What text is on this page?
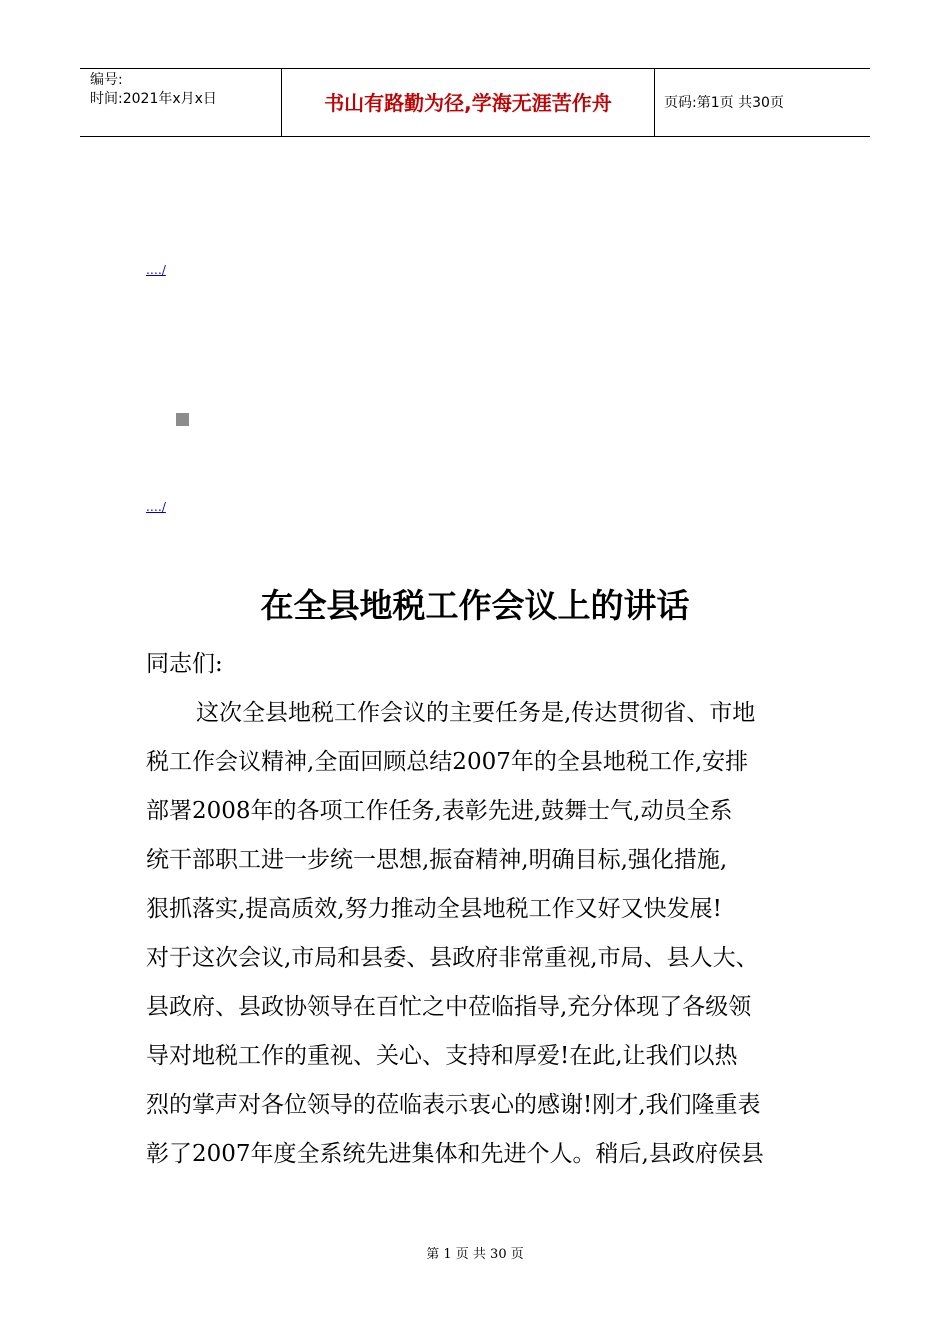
编号:
时间:2021年x月x日	书山有路勤为径,学海无涯苦作舟	页码:第1页 共30页
.…/
.…/
在全县地税工作会议上的讲话
同志们:
这次全县地税工作会议的主要任务是,传达贯彻省、市地
税工作会议精神,全面回顾总结2007年的全县地税工作,安排
部署2008年的各项工作任务,表彰先进,鼓舞士气,动员全系
统干部职工进一步统一思想,振奋精神,明确目标,强化措施,
狠抓落实,提高质效,努力推动全县地税工作又好又快发展!
对于这次会议,市局和县委、县政府非常重视,市局、县人大、
县政府、县政协领导在百忙之中莅临指导,充分体现了各级领
导对地税工作的重视、关心、支持和厚爱!在此,让我们以热
烈的掌声对各位领导的莅临表示衷心的感谢!刚才,我们隆重表
彰了2007年度全系统先进集体和先进个人。稍后,县政府侯县
第 1 页 共 30 页
